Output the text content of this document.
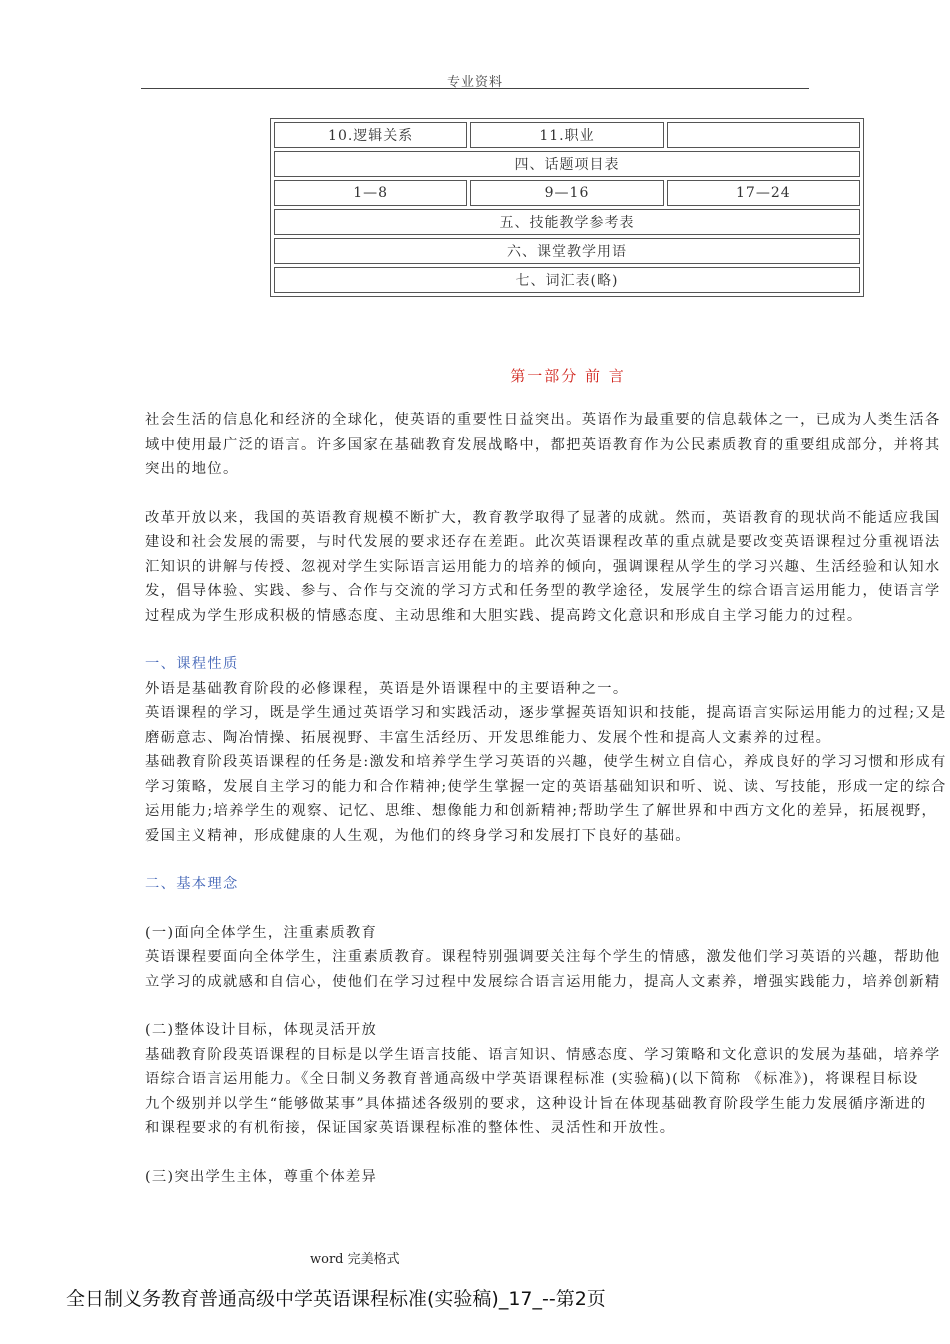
专业资料
10.逻辑关系	11.职业	
四、话题项目表		
1—8	9—16	17—24
五、技能教学参考表		
六、课堂教学用语		
七、词汇表(略)		
第一部分 前 言
社会生活的信息化和经济的全球化，使英语的重要性日益突出。英语作为最重要的信息载体之一，已成为人类生活各
域中使用最广泛的语言。许多国家在基础教育发展战略中，都把英语教育作为公民素质教育的重要组成部分，并将其
突出的地位。
改革开放以来，我国的英语教育规模不断扩大，教育教学取得了显著的成就。然而，英语教育的现状尚不能适应我国
建设和社会发展的需要，与时代发展的要求还存在差距。此次英语课程改革的重点就是要改变英语课程过分重视语法
汇知识的讲解与传授、忽视对学生实际语言运用能力的培养的倾向，强调课程从学生的学习兴趣、生活经验和认知水
发，倡导体验、实践、参与、合作与交流的学习方式和任务型的教学途径，发展学生的综合语言运用能力，使语言学
过程成为学生形成积极的情感态度、主动思维和大胆实践、提高跨文化意识和形成自主学习能力的过程。
一、课程性质
外语是基础教育阶段的必修课程，英语是外语课程中的主要语种之一。
英语课程的学习，既是学生通过英语学习和实践活动，逐步掌握英语知识和技能，提高语言实际运用能力的过程;又是
磨砺意志、陶冶情操、拓展视野、丰富生活经历、开发思维能力、发展个性和提高人文素养的过程。
基础教育阶段英语课程的任务是:激发和培养学生学习英语的兴趣，使学生树立自信心，养成良好的学习习惯和形成有
学习策略，发展自主学习的能力和合作精神;使学生掌握一定的英语基础知识和听、说、读、写技能，形成一定的综合
运用能力;培养学生的观察、记忆、思维、想像能力和创新精神;帮助学生了解世界和中西方文化的差异，拓展视野，
爱国主义精神，形成健康的人生观，为他们的终身学习和发展打下良好的基础。
二、基本理念
(一)面向全体学生，注重素质教育
英语课程要面向全体学生，注重素质教育。课程特别强调要关注每个学生的情感，激发他们学习英语的兴趣，帮助他
立学习的成就感和自信心，使他们在学习过程中发展综合语言运用能力，提高人文素养，增强实践能力，培养创新精
(二)整体设计目标，体现灵活开放
基础教育阶段英语课程的目标是以学生语言技能、语言知识、情感态度、学习策略和文化意识的发展为基础，培养学
语综合语言运用能力。《全日制义务教育普通高级中学英语课程标准 (实验稿)(以下简称 《标准》)，将课程目标设
九个级别并以学生“能够做某事”具体描述各级别的要求，这种设计旨在体现基础教育阶段学生能力发展循序渐进的
和课程要求的有机衔接，保证国家英语课程标准的整体性、灵活性和开放性。
(三)突出学生主体，尊重个体差异
word 完美格式
全日制义务教育普通高级中学英语课程标准(实验稿)_17_--第2页
